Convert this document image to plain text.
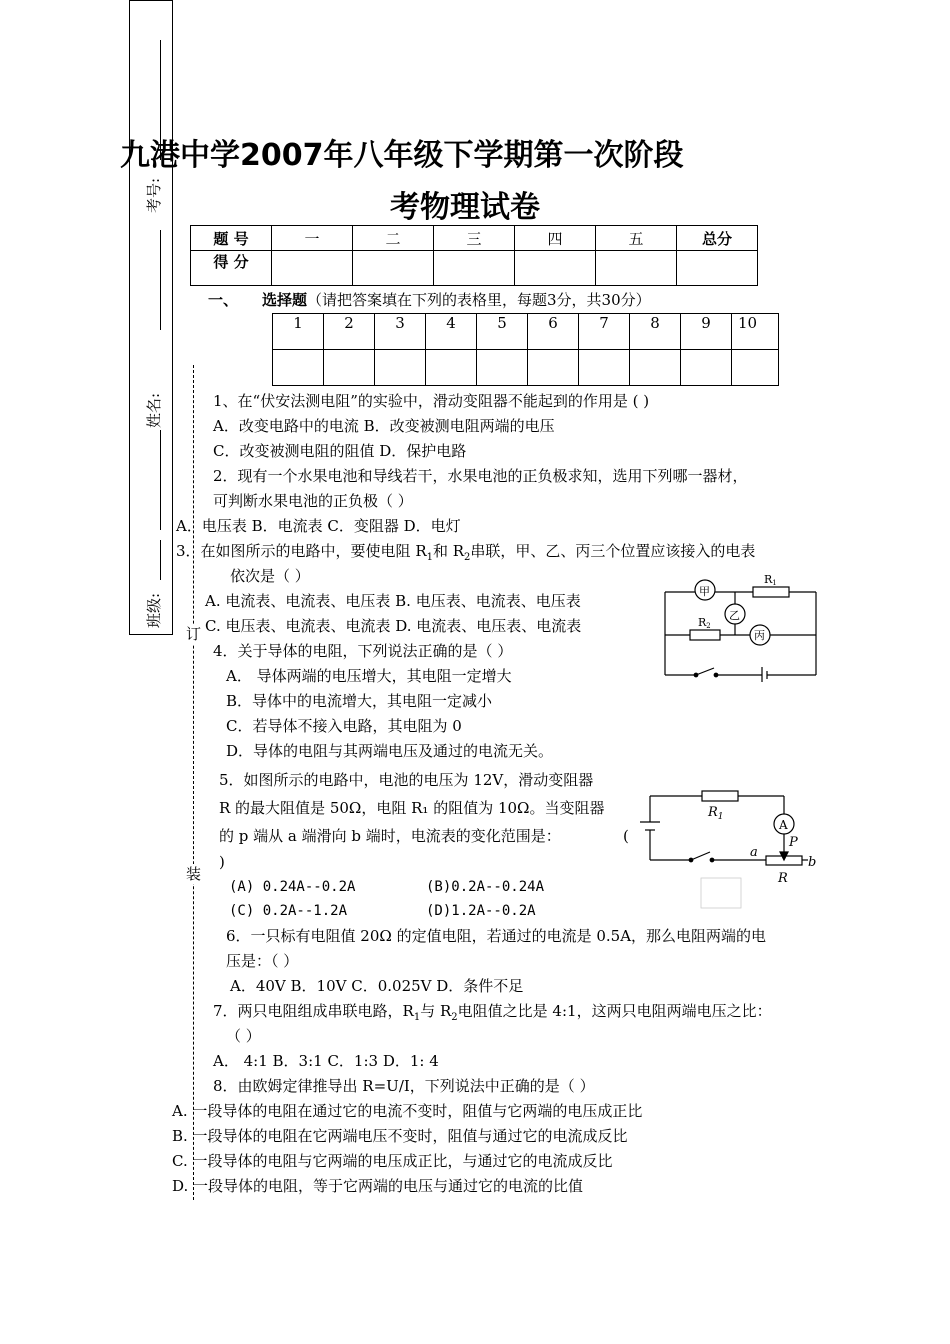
考号:
姓名:
班级:
订
装
九港中学2007年八年级下学期第一次阶段
考物理试卷
题 号	一	二	三	四	五	总分
得 分						
一、 选择题（请把答案填在下列的表格里，每题3分，共30分）
1	2	3	4	5	6	7	8	9	10

1、在“伏安法测电阻”的实验中，滑动变阻器不能起到的作用是 ( )
A．改变电路中的电流 B．改变被测电阻两端的电压
C．改变被测电阻的阻值 D．保护电路
2．现有一个水果电池和导线若干，水果电池的正负极求知，选用下列哪一器材，
可判断水果电池的正负极（ ）
A．电压表 B．电流表 C．变阻器 D．电灯
3．在如图所示的电路中，要使电阻 $R_1$和 $R_2$串联，甲、乙、丙三个位置应该接入的电表
依次是（ ）
A. 电流表、电流表、电压表 B. 电压表、电流表、电压表
C. 电压表、电流表、电流表 D. 电流表、电压表、电流表
甲
乙
丙
R1
R2
4．关于导体的电阻，下列说法正确的是（ ）
A． 导体两端的电压增大，其电阻一定增大
B．导体中的电流增大，其电阻一定减小
C．若导体不接入电路，其电阻为 0
D．导体的电阻与其两端电压及通过的电流无关。
5．如图所示的电路中，电池的电压为 12V，滑动变阻器
R 的最大阻值是 50Ω，电阻 R₁ 的阻值为 10Ω。当变阻器
的 p 端从 a 端滑向 b 端时，电流表的变化范围是：	(
)
(A) 0.24A--0.2A	(B)0.2A--0.24A
(C) 0.2A--1.2A	(D)1.2A--0.2A
$R_1$
A
P
a
b
R
6．一只标有电阻值 20Ω 的定值电阻，若通过的电流是 0.5A，那么电阻两端的电
压是：（ ）
A．40V B．10V C．0.025V D．条件不足
7．两只电阻组成串联电路，$R_1$与 $R_2$电阻值之比是 4:1，这两只电阻两端电压之比：
（ ）
A． 4:1 B．3:1 C．1:3 D．1: 4
8．由欧姆定律推导出 R=U/I，下列说法中正确的是（ ）
A. 一段导体的电阻在通过它的电流不变时，阻值与它两端的电压成正比
B. 一段导体的电阻在它两端电压不变时，阻值与通过它的电流成反比
C. 一段导体的电阻与它两端的电压成正比，与通过它的电流成反比
D. 一段导体的电阻，等于它两端的电压与通过它的电流的比值
